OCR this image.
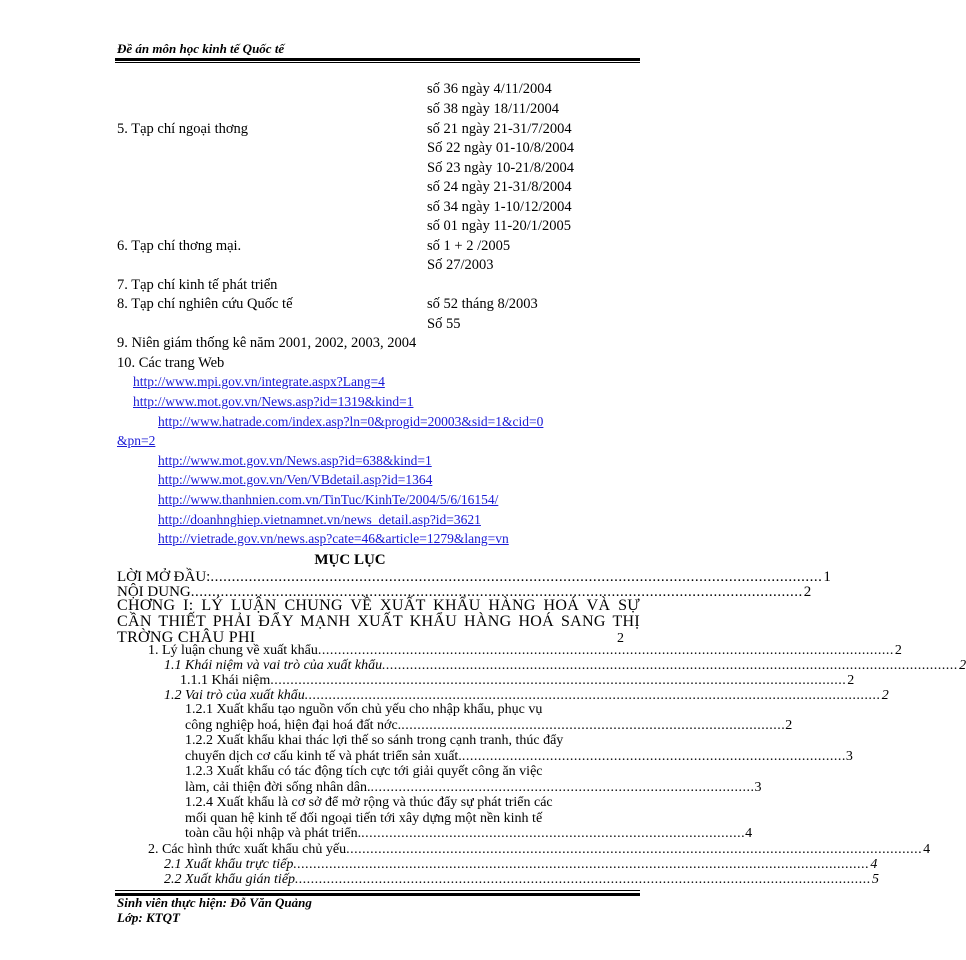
Đề án môn học kinh tế Quốc tế
số 36 ngày 4/11/2004
số 38 ngày 18/11/2004
5. Tạp chí ngoại thơng	số 21 ngày 21-31/7/2004
Số 22 ngày 01-10/8/2004
Số 23 ngày 10-21/8/2004
số 24 ngày 21-31/8/2004
số 34 ngày 1-10/12/2004
số 01 ngày 11-20/1/2005
6. Tạp chí thơng mại.	số 1 + 2 /2005
Số 27/2003
7. Tạp chí kinh tế phát triển
8. Tạp chí nghiên cứu Quốc tế	số 52 tháng 8/2003
Số 55
9. Niên giám thống kê năm 2001, 2002, 2003, 2004
10. Các trang Web
http://www.mpi.gov.vn/integrate.aspx?Lang=4
http://www.mot.gov.vn/News.asp?id=1319&kind=1
http://www.hatrade.com/index.asp?ln=0&progid=20003&sid=1&cid=0
&pn=2
http://www.mot.gov.vn/News.asp?id=638&kind=1
http://www.mot.gov.vn/Ven/VBdetail.asp?id=1364
http://www.thanhnien.com.vn/TinTuc/KinhTe/2004/5/6/16154/
http://doanhnghiep.vietnamnet.vn/news_detail.asp?id=3621
http://vietrade.gov.vn/news.asp?cate=46&article=1279&lang=vn
MỤC LỤC
LỜI MỞ ĐẦU: ................................................................................................................................................ 1
NỘI DUNG ................................................................................................................................................ 2
CHƠNG I: LÝ LUẬN CHUNG VỀ XUẤT KHẨU HÀNG HOÁ VÀ SỰ CẦN THIẾT PHẢI ĐẨY MẠNH XUẤT KHẨU HÀNG HOÁ SANG THỊ TRỜNG CHÂU PHI	2
1. Lý luận chung về xuất khẩu ................................................................................................................................................ 2
1.1 Khái niệm và vai trò của xuất khẩu ................................................................................................................................................ 2
1.1.1 Khái niệm ................................................................................................................................................ 2
1.2 Vai trò của xuất khẩu ................................................................................................................................................ 2
1.2.1 Xuất khẩu tạo nguồn vốn chủ yếu cho nhập khẩu, phục vụ
công nghiệp hoá, hiện đại hoá đất nớc. ................................................................................................ 2
1.2.2 Xuất khẩu khai thác lợi thế so sánh trong cạnh tranh, thúc đẩy
chuyển dịch cơ cấu kinh tế và phát triển sản xuất. ................................................................................................ 3
1.2.3 Xuất khẩu có tác động tích cực tới giải quyết công ăn việc
làm, cải thiện đời sống nhân dân. ................................................................................................ 3
1.2.4 Xuất khẩu là cơ sở để mở rộng và thúc đẩy sự phát triển các
mối quan hệ kinh tế đối ngoại tiến tới xây dựng một nền kinh tế
toàn cầu hội nhập và phát triển. ................................................................................................ 4
2. Các hình thức xuất khẩu chủ yếu ................................................................................................................................................ 4
2.1 Xuất khẩu trực tiếp ................................................................................................................................................ 4
2.2 Xuất khẩu gián tiếp ................................................................................................................................................ 5
Sinh viên thực hiện: Đỗ Văn Quảng
Lớp: KTQT
